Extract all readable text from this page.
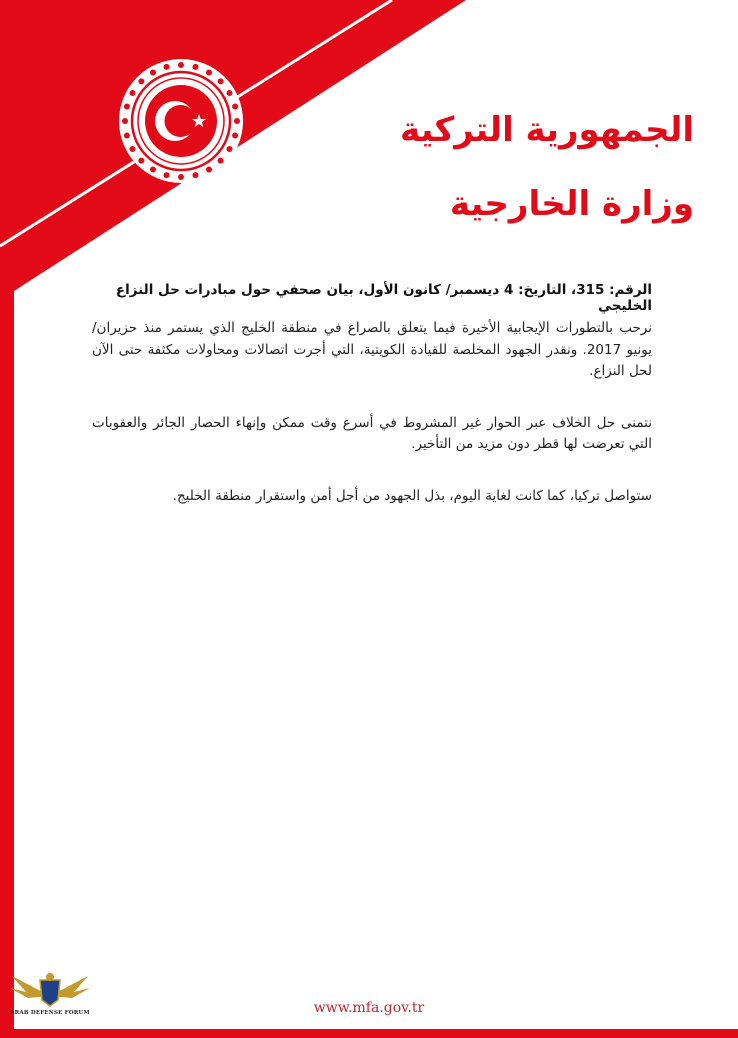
الجمهورية التركية
وزارة الخارجية

الرقم: 315، التاريخ: 4 ديسمبر/ كانون الأول، بيان صحفي حول مبادرات حل النزاع الخليجي

نرحب بالتطورات الإيجابية الأخيرة فيما يتعلق بالصراع في منطقة الخليج الذي يستمر منذ حزيران/يونيو 2017. ونقدر الجهود المخلصة للقيادة الكويتية، التي أجرت اتصالات ومحاولات مكثفة حتى الآن لحل النزاع.

نتمنى حل الخلاف عبر الحوار غير المشروط في أسرع وقت ممكن وإنهاء الحصار الجائر والعقوبات التي تعرضت لها قطر دون مزيد من التأخير.

ستواصل تركيا، كما كانت لغاية اليوم، بذل الجهود من أجل أمن واستقرار منطقة الخليج.

www.mfa.gov.tr

ARAB DEFENSE FORUM
